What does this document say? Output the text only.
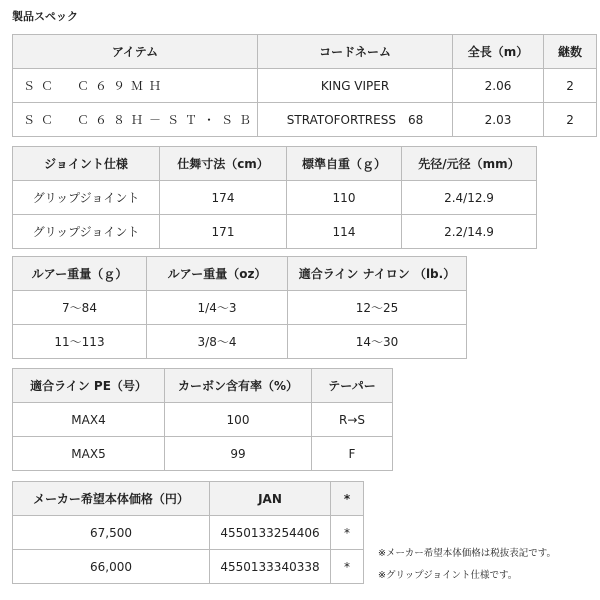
製品スペック
アイテム	コードネーム	全長（m）	継数
ＳＣ　Ｃ６９ＭＨ	KING VIPER	2.06	2
ＳＣ　Ｃ６８Ｈ－ＳＴ・ＳＢ	STRATOFORTRESS　68	2.03	2
ジョイント仕様	仕舞寸法（cm）	標準自重（ｇ）	先径/元径（mm）
グリップジョイント	174	110	2.4/12.9
グリップジョイント	171	114	2.2/14.9
ルアー重量（ｇ）	ルアー重量（oz）	適合ライン ナイロン （lb.）
7～84	1/4～3	12～25
11～113	3/8～4	14～30
適合ライン PE（号）	カーボン含有率（%）	テーパー
MAX4	100	R→S
MAX5	99	F
メーカー希望本体価格（円）	JAN	*
67,500	4550133254406	*
66,000	4550133340338	*
※メーカー希望本体価格は税抜表記です。
※グリップジョイント仕様です。
